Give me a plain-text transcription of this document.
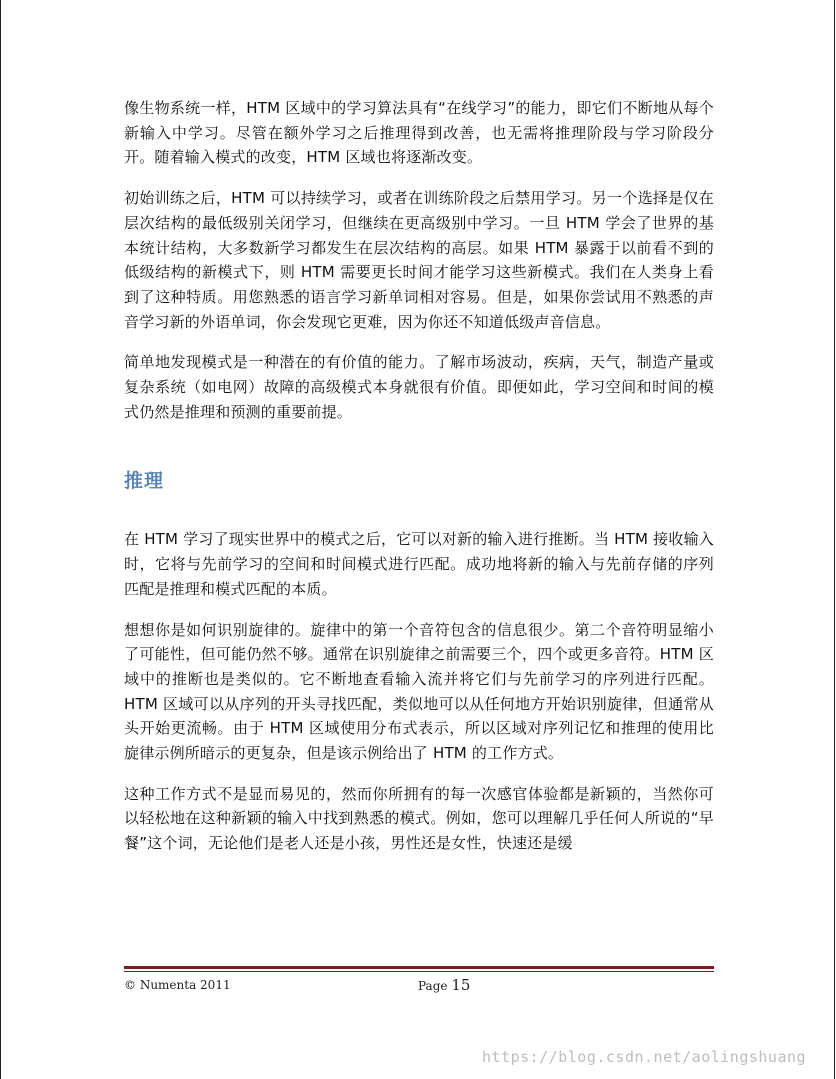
像生物系统一样，HTM 区域中的学习算法具有“在线学习”的能力，即它们不断地从每个新输入中学习。尽管在额外学习之后推理得到改善，也无需将推理阶段与学习阶段分开。随着输入模式的改变，HTM 区域也将逐渐改变。

初始训练之后，HTM 可以持续学习，或者在训练阶段之后禁用学习。另一个选择是仅在层次结构的最低级别关闭学习，但继续在更高级别中学习。一旦 HTM 学会了世界的基本统计结构，大多数新学习都发生在层次结构的高层。如果 HTM 暴露于以前看不到的低级结构的新模式下，则 HTM 需要更长时间才能学习这些新模式。我们在人类身上看到了这种特质。用您熟悉的语言学习新单词相对容易。但是，如果你尝试用不熟悉的声音学习新的外语单词，你会发现它更难，因为你还不知道低级声音信息。

简单地发现模式是一种潜在的有价值的能力。了解市场波动，疾病，天气，制造产量或复杂系统（如电网）故障的高级模式本身就很有价值。即便如此，学习空间和时间的模式仍然是推理和预测的重要前提。

推理

在 HTM 学习了现实世界中的模式之后，它可以对新的输入进行推断。当 HTM 接收输入时，它将与先前学习的空间和时间模式进行匹配。成功地将新的输入与先前存储的序列匹配是推理和模式匹配的本质。

想想你是如何识别旋律的。旋律中的第一个音符包含的信息很少。第二个音符明显缩小了可能性，但可能仍然不够。通常在识别旋律之前需要三个，四个或更多音符。HTM 区域中的推断也是类似的。它不断地查看输入流并将它们与先前学习的序列进行匹配。HTM 区域可以从序列的开头寻找匹配，类似地可以从任何地方开始识别旋律，但通常从头开始更流畅。由于 HTM 区域使用分布式表示，所以区域对序列记忆和推理的使用比旋律示例所暗示的更复杂，但是该示例给出了 HTM 的工作方式。

这种工作方式不是显而易见的，然而你所拥有的每一次感官体验都是新颖的，当然你可以轻松地在这种新颖的输入中找到熟悉的模式。例如，您可以理解几乎任何人所说的“早餐”这个词，无论他们是老人还是小孩，男性还是女性，快速还是缓

© Numenta 2011	Page 15
https://blog.csdn.net/aolingshuang
